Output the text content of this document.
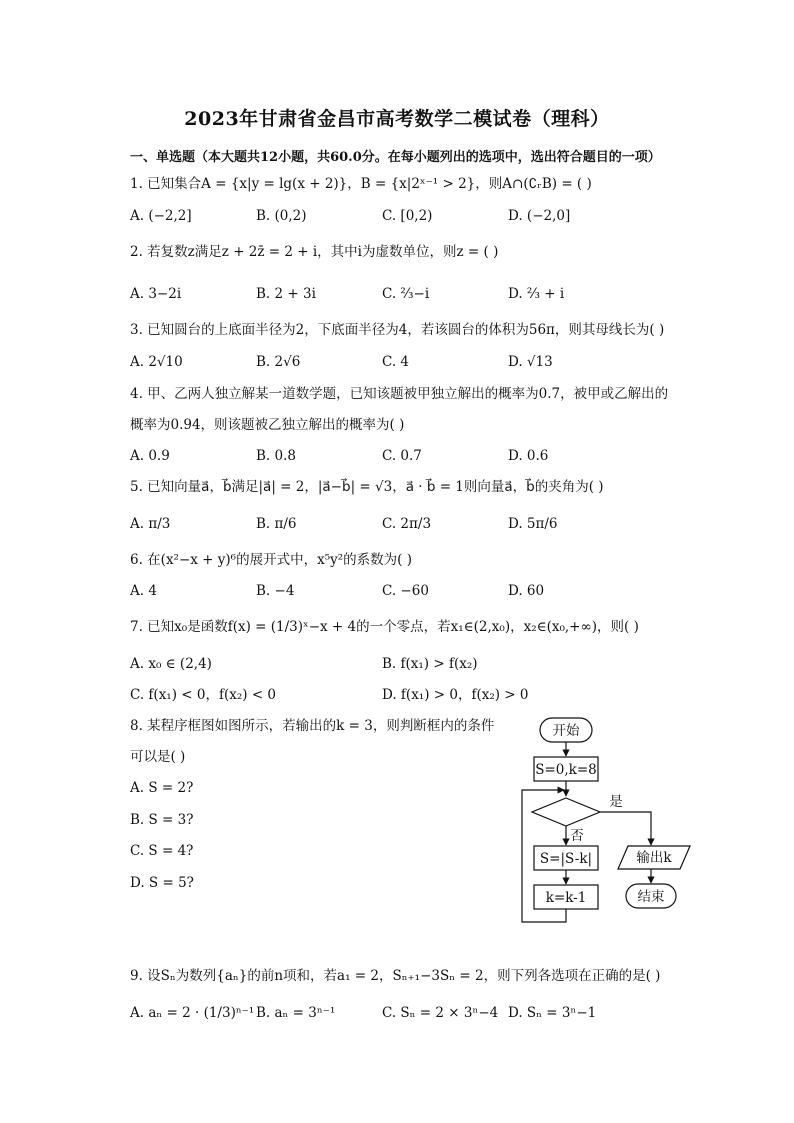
2023年甘肃省金昌市高考数学二模试卷（理科）
一、单选题（本大题共12小题，共60.0分。在每小题列出的选项中，选出符合题目的一项）
1. 已知集合A = {x|y = lg(x + 2)}，B = {x|2ˣ⁻¹ > 2}，则A∩(∁ᵣB) = ( )
A. (−2,2]	B. (0,2)	C. [0,2)	D. (−2,0]
2. 若复数z满足z + 2z̄ = 2 + i，其中i为虚数单位，则z = ( )
A. 3−2i	B. 2 + 3i	C. ⅔−i	D. ⅔ + i
3. 已知圆台的上底面半径为2，下底面半径为4，若该圆台的体积为56π，则其母线长为( )
A. 2√10	B. 2√6	C. 4	D. √13
4. 甲、乙两人独立解某一道数学题，已知该题被甲独立解出的概率为0.7，被甲或乙解出的
概率为0.94，则该题被乙独立解出的概率为( )
A. 0.9	B. 0.8	C. 0.7	D. 0.6
5. 已知向量a⃗，b⃗满足|a⃗| = 2，|a⃗−b⃗| = √3，a⃗ · b⃗ = 1则向量a⃗，b⃗的夹角为( )
A. π/3	B. π/6	C. 2π/3	D. 5π/6
6. 在(x²−x + y)⁶的展开式中，x⁵y²的系数为( )
A. 4	B. −4	C. −60	D. 60
7. 已知x₀是函数f(x) = (1/3)ˣ−x + 4的一个零点，若x₁∈(2,x₀)，x₂∈(x₀,+∞)，则( )
A. x₀ ∈ (2,4)	B. f(x₁) > f(x₂)
C. f(x₁) < 0，f(x₂) < 0	D. f(x₁) > 0，f(x₂) > 0
8. 某程序框图如图所示，若输出的k = 3，则判断框内的条件
可以是( )
A. S = 2?
B. S = 3?
C. S = 4?
D. S = 5?
开始
S=0,k=8
是
否
S=|S-k|
k=k-1
输出k
结束
9. 设Sₙ为数列{aₙ}的前n项和，若a₁ = 2，Sₙ₊₁−3Sₙ = 2，则下列各选项在正确的是( )
A. aₙ = 2 · (1/3)ⁿ⁻¹ B. aₙ = 3ⁿ⁻¹	C. Sₙ = 2 × 3ⁿ−4 D. Sₙ = 3ⁿ−1
